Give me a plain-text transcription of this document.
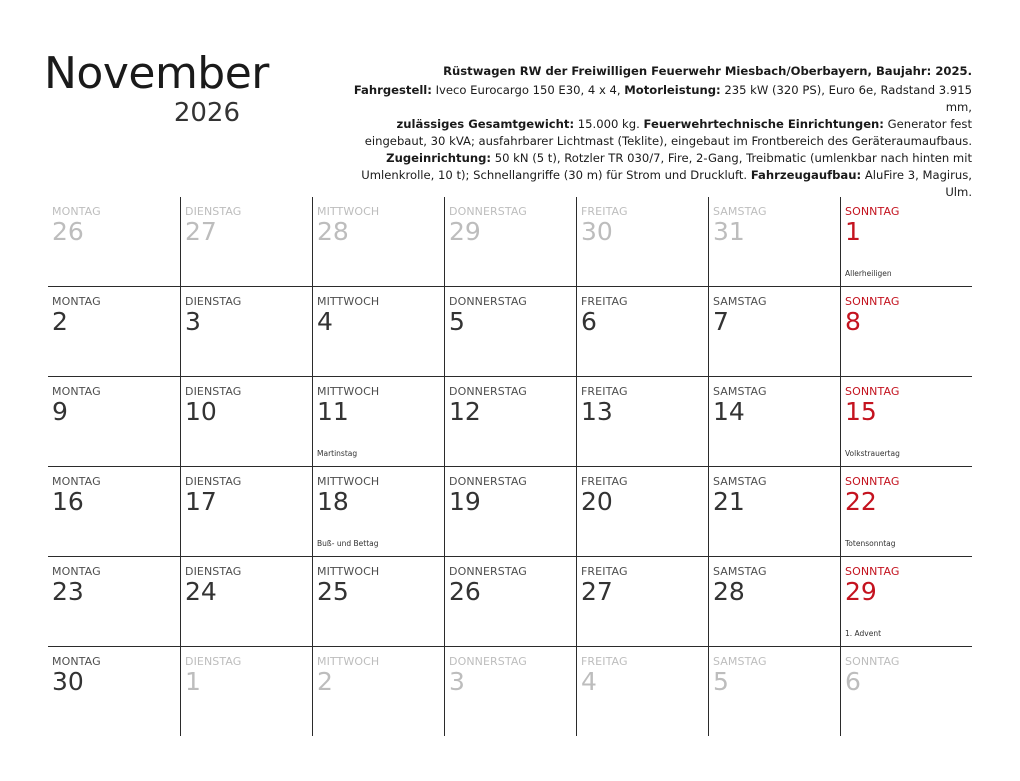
November
2026
Rüstwagen RW der Freiwilligen Feuerwehr Miesbach/Oberbayern, Baujahr: 2025.
Fahrgestell: Iveco Eurocargo 150 E30, 4 x 4, Motorleistung: 235 kW (320 PS), Euro 6e, Radstand 3.915 mm,
zulässiges Gesamtgewicht: 15.000 kg. Feuerwehrtechnische Einrichtungen: Generator fest eingebaut, 30 kVA; ausfahrbarer Lichtmast (Teklite), eingebaut im Frontbereich des Geräteraumaufbaus. Zugeinrichtung: 50 kN (5 t), Rotzler TR 030/7, Fire, 2-Gang, Treibmatic (umlenkbar nach hinten mit Umlenkrolle, 10 t); Schnellangriffe (30 m) für Strom und Druckluft. Fahrzeugaufbau: AluFire 3, Magirus, Ulm.
MONTAG
26
DIENSTAG
27
MITTWOCH
28
DONNERSTAG
29
FREITAG
30
SAMSTAG
31
SONNTAG
1
Allerheiligen
MONTAG
2
DIENSTAG
3
MITTWOCH
4
DONNERSTAG
5
FREITAG
6
SAMSTAG
7
SONNTAG
8
MONTAG
9
DIENSTAG
10
MITTWOCH
11
Martinstag
DONNERSTAG
12
FREITAG
13
SAMSTAG
14
SONNTAG
15
Volkstrauertag
MONTAG
16
DIENSTAG
17
MITTWOCH
18
Buß- und Bettag
DONNERSTAG
19
FREITAG
20
SAMSTAG
21
SONNTAG
22
Totensonntag
MONTAG
23
DIENSTAG
24
MITTWOCH
25
DONNERSTAG
26
FREITAG
27
SAMSTAG
28
SONNTAG
29
1. Advent
MONTAG
30
DIENSTAG
1
MITTWOCH
2
DONNERSTAG
3
FREITAG
4
SAMSTAG
5
SONNTAG
6
